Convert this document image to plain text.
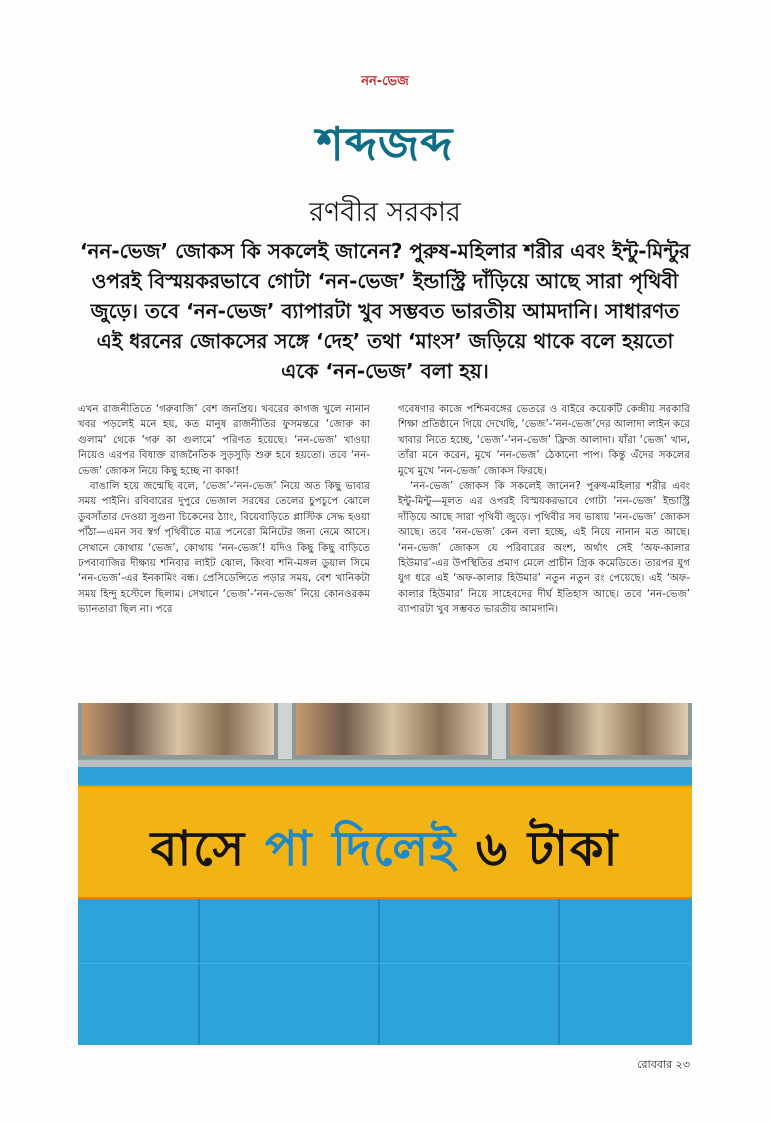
নন-ভেজ
শব্দজব্দ
রণবীর সরকার
‘নন-ভেজ’ জোকস কি সকলেই জানেন? পুরুষ-মহিলার শরীর এবং ইন্টু-মিন্টুর ওপরই বিস্ময়করভাবে গোটা ‘নন-ভেজ’ ইন্ডাস্ট্রি দাঁড়িয়ে আছে সারা পৃথিবী জুড়ে। তবে ‘নন-ভেজ’ ব্যাপারটা খুব সম্ভবত ভারতীয় আমদানি। সাধারণত এই ধরনের জোকসের সঙ্গে ‘দেহ’ তথা ‘মাংস’ জড়িয়ে থাকে বলে হয়তো একে ‘নন-ভেজ’ বলা হয়।

এখন রাজনীতিতে ‘গরুবাজি’ বেশ জনপ্রিয়। খবরের কাগজ খুলে নানান খবর পড়লেই মনে হয়, কত মানুষ রাজনীতির ফুসমন্তরে ‘জোরু কা গুলাম’ থেকে ‘গরু কা গুলামে’ পরিণত হয়েছে। ‘নন-ভেজ’ খাওয়া নিয়েও এরপর বিষাক্ত রাজনৈতিক সুড়সুড়ি শুরু হবে হয়তো। তবে ‘নন-ভেজ’ জোকস নিয়ে কিছু হচ্ছে না কাকা!

বাঙালি হয়ে জন্মেছি বলে, ‘ভেজ’-‘নন-ভেজ’ নিয়ে অত কিছু ভাবার সময় পাইনি। রবিবারের দুপুরে ভেজাল সরষের তেলের চুপচুপে ঝোলে ডুবসাঁতার দেওয়া সুগুনা চিকেনের ঠ্যাং, বিয়েবাড়িতে প্লাস্টিক সেদ্ধ হওয়া পাঁঠা—এমন সব স্বর্গ পৃথিবীতে মাত্র পনেরো মিনিটের জন্য নেমে আসে। সেখানে কোথায় ‘ভেজ’, কোথায় ‘নন-ভেজ’! যদিও কিছু কিছু বাড়িতে ঢপবাবাজির দীক্ষায় শনিবার লাইট ঝোল, কিংবা শনি-মঙ্গল ডুয়াল সিমে ‘নন-ভেজ’-এর ইনকামিং বন্ধ। প্রেসিডেন্সিতে পড়ার সময়, বেশ খানিকটা সময় হিন্দু হস্টেলে ছিলাম। সেখানে ‘ভেজ’-‘নন-ভেজ’ নিয়ে কোনওরকম ভ্যানতারা ছিল না। পরে

গবেষণার কাজে পশ্চিমবঙ্গের ভেতরে ও বাইরে কয়েকটি কেন্দ্রীয় সরকারি শিক্ষা প্রতিষ্ঠানে গিয়ে দেখেছি, ‘ভেজ’-‘নন-ভেজ’দের আলাদা লাইন করে খাবার নিতে হচ্ছে, ‘ভেজ’-‘নন-ভেজ’ ফ্রিজ আলাদা। যাঁরা ‘ভেজ’ খান, তাঁরা মনে করেন, মুখে ‘নন-ভেজ’ ঠেকানো পাপ। কিন্তু এঁদের সকলের মুখে মুখে ‘নন-ভেজ’ জোকস ফিরছে।

‘নন-ভেজ’ জোকস কি সকলেই জানেন? পুরুষ-মহিলার শরীর এবং ইন্টু-মিন্টু—মূলত এর ওপরই বিস্ময়করভাবে গোটা ‘নন-ভেজ’ ইন্ডাস্ট্রি দাঁড়িয়ে আছে সারা পৃথিবী জুড়ে। পৃথিবীর সব ভাষায় ‘নন-ভেজ’ জোকস আছে। তবে ‘নন-ভেজ’ কেন বলা হচ্ছে, এই নিয়ে নানান মত আছে। ‘নন-ভেজ’ জোকস যে পরিবারের অংশ, অর্থাৎ সেই ‘অফ-কালার হিউমার’-এর উপস্থিতির প্রমাণ মেলে প্রাচীন গ্রিক কমেডিতে। তারপর যুগ যুগ ধরে এই ‘অফ-কালার হিউমার’ নতুন নতুন রং পেয়েছে। এই ‘অফ-কালার হিউমার’ নিয়ে সাহেবদের দীর্ঘ ইতিহাস আছে। তবে ‘নন-ভেজ’ ব্যাপারটা খুব সম্ভবত ভারতীয় আমদানি।

বাসে পা দিলেই ৬ টাকা
রোববার ২৩
